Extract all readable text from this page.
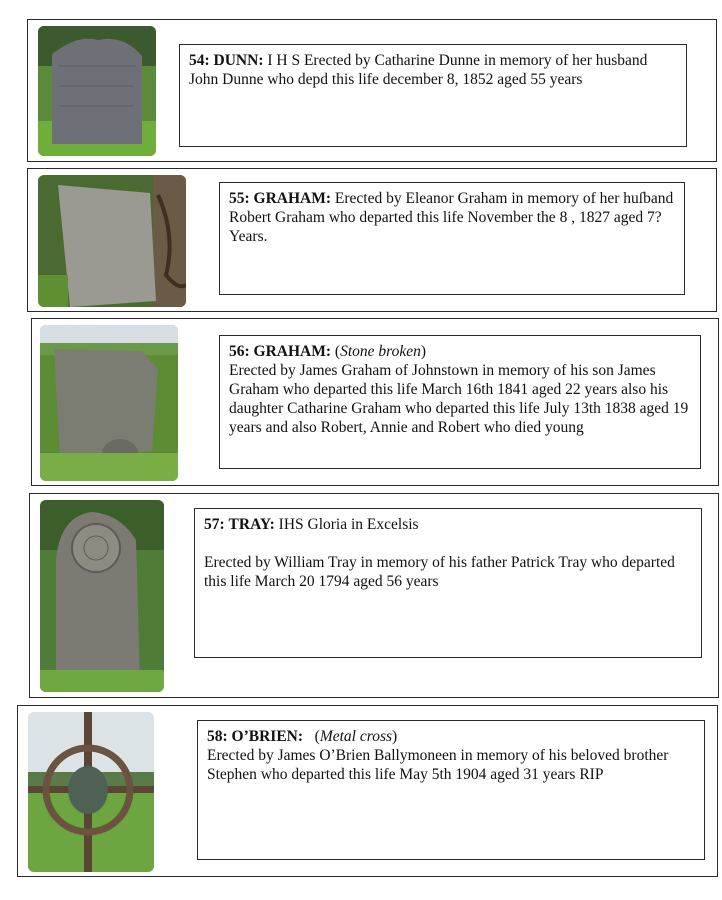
54: DUNN: I H S Erected by Catharine Dunne in memory of her husband John Dunne who depd this life december 8, 1852 aged 55 years
55: GRAHAM: Erected by Eleanor Graham in memory of her huſband Robert Graham who departed this life November the 8 , 1827 aged 7? Years.
56: GRAHAM: (Stone broken)
Erected by James Graham of Johnstown in memory of his son James Graham who departed this life March 16th 1841 aged 22 years also his daughter Catharine Graham who departed this life July 13th 1838 aged 19 years and also Robert, Annie and Robert who died young
57: TRAY: IHS Gloria in Excelsis
Erected by William Tray in memory of his father Patrick Tray who departed this life March 20 1794 aged 56 years
58: O’BRIEN:   (Metal cross)
Erected by James O’Brien Ballymoneen in memory of his beloved brother Stephen who departed this life May 5th 1904 aged 31 years RIP
